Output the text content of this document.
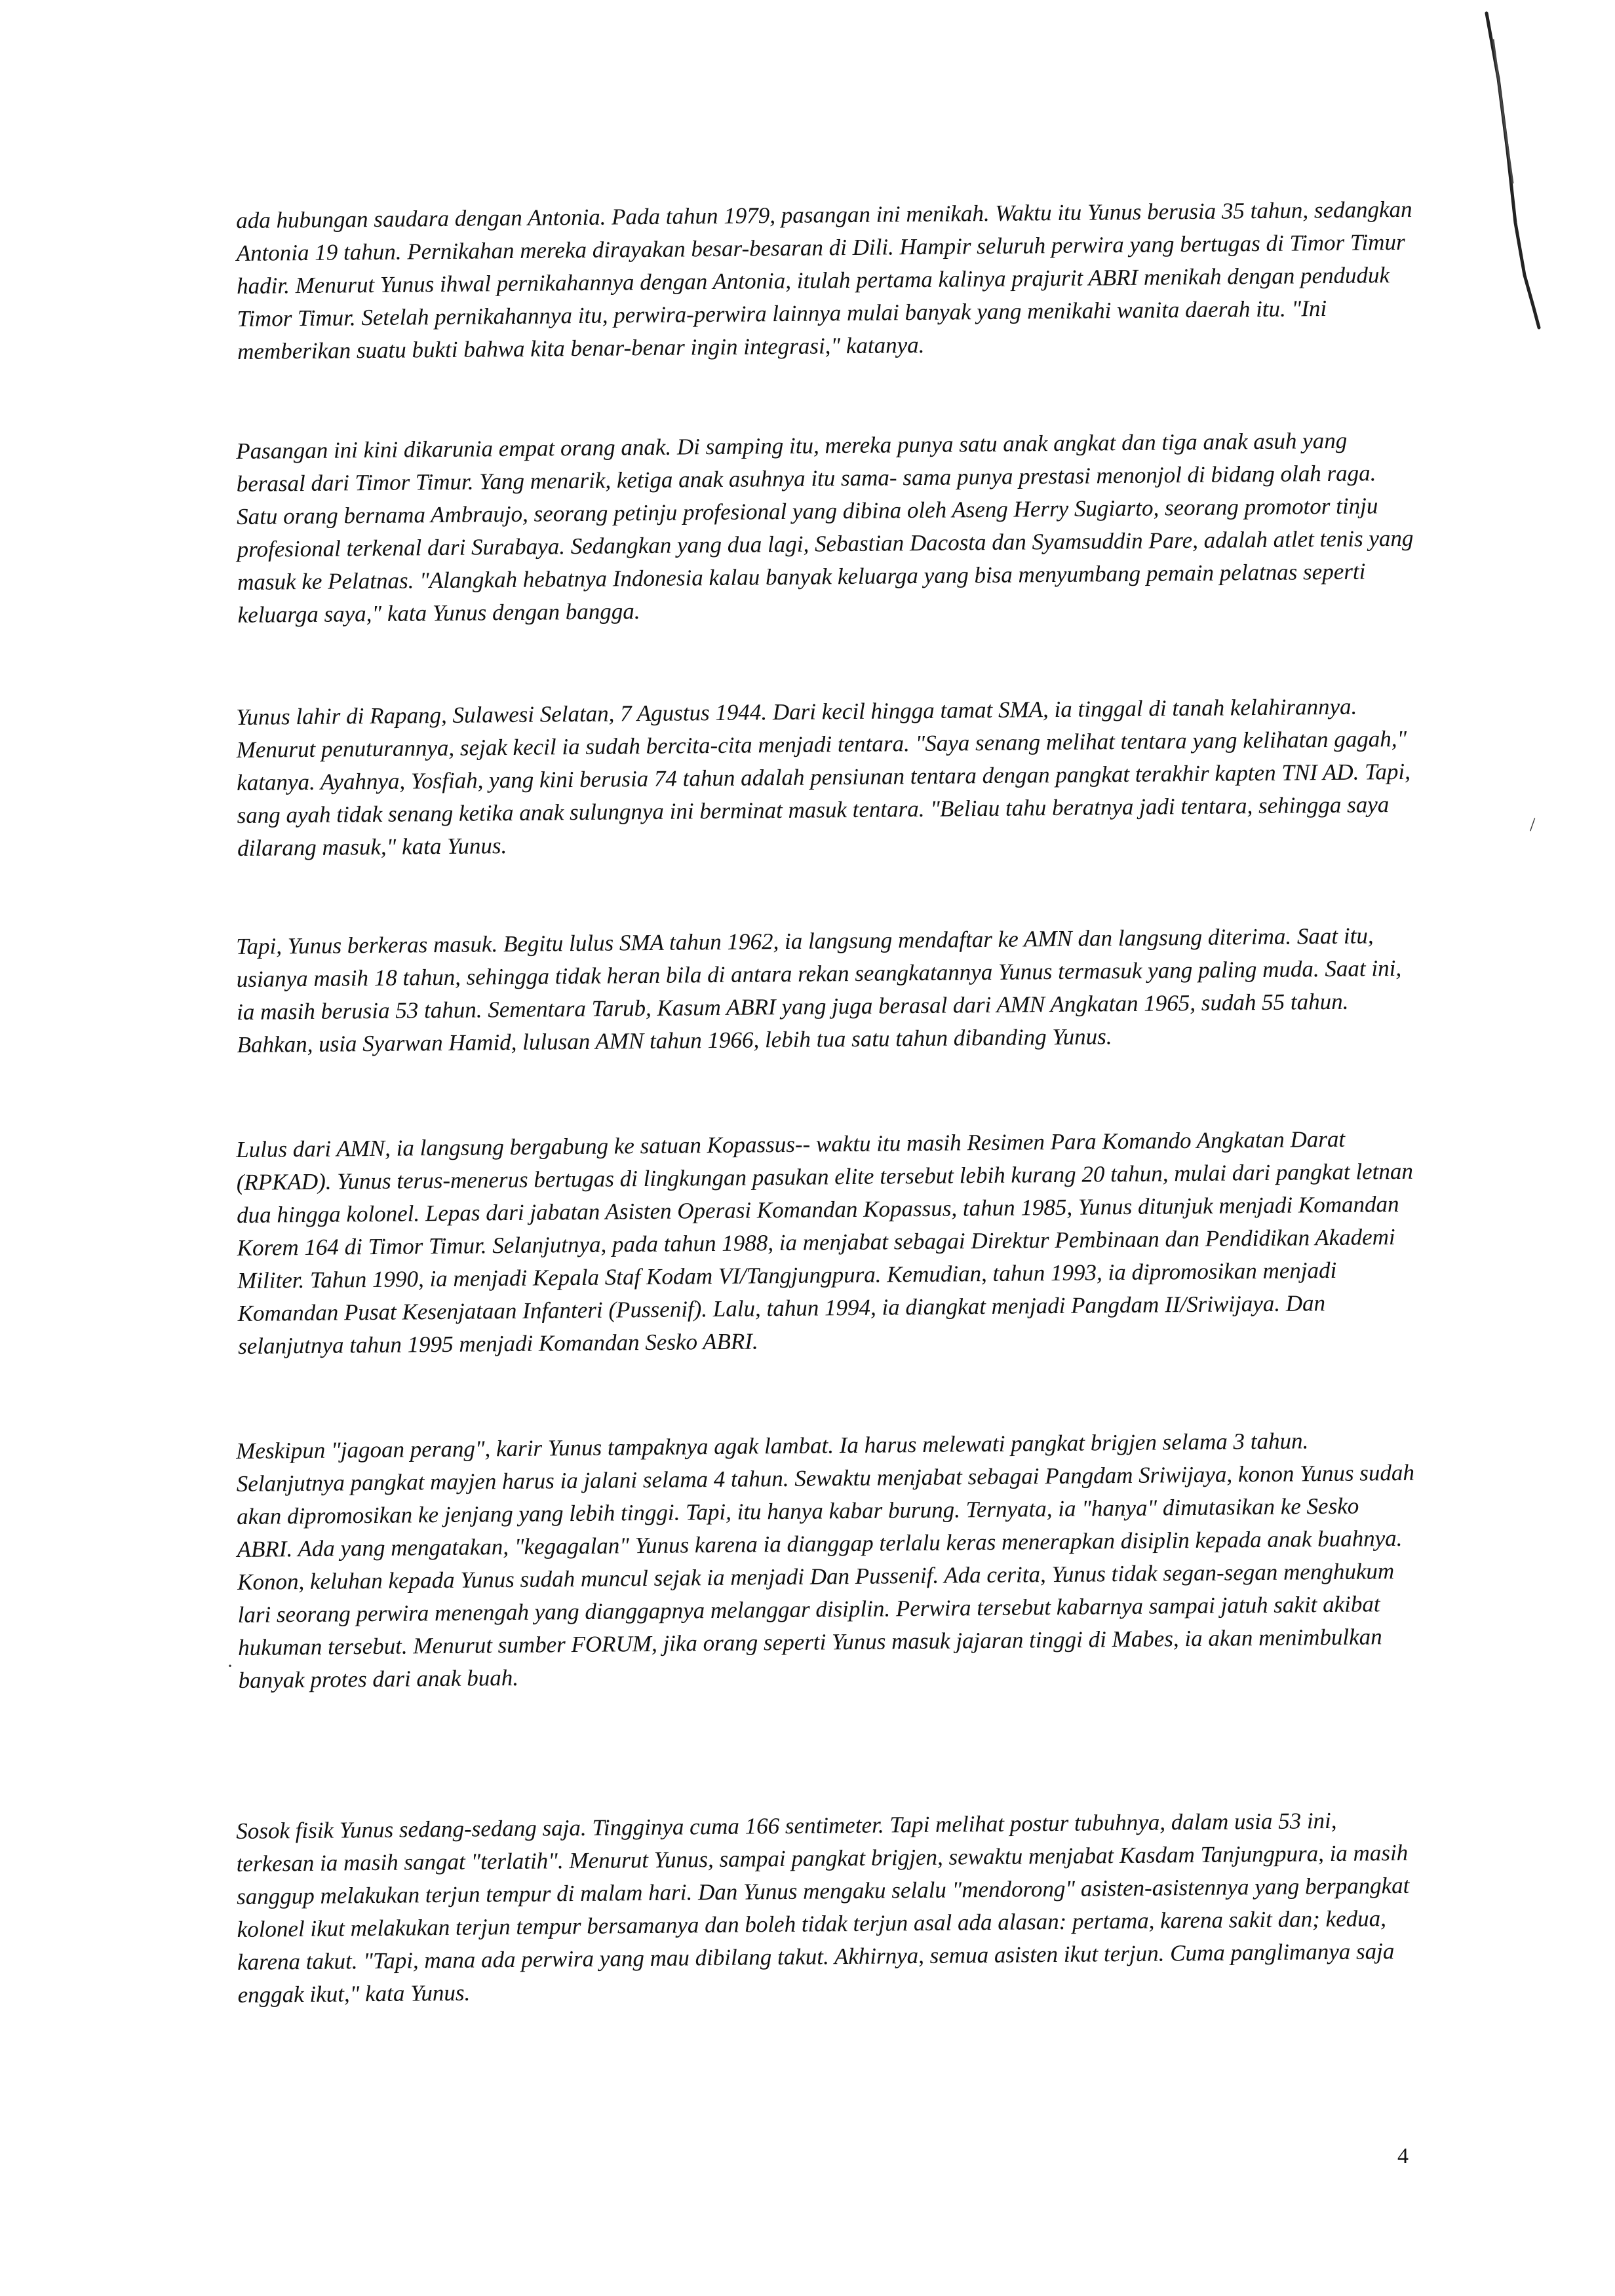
/
·

ada hubungan saudara dengan Antonia. Pada tahun 1979, pasangan ini menikah. Waktu itu Yunus berusia 35 tahun, sedangkan Antonia 19 tahun. Pernikahan mereka dirayakan besar-besaran di Dili. Hampir seluruh perwira yang bertugas di Timor Timur hadir. Menurut Yunus ihwal pernikahannya dengan Antonia, itulah pertama kalinya prajurit ABRI menikah dengan penduduk Timor Timur. Setelah pernikahannya itu, perwira-perwira lainnya mulai banyak yang menikahi wanita daerah itu. "Ini memberikan suatu bukti bahwa kita benar-benar ingin integrasi," katanya.

Pasangan ini kini dikarunia empat orang anak. Di samping itu, mereka punya satu anak angkat dan tiga anak asuh yang berasal dari Timor Timur. Yang menarik, ketiga anak asuhnya itu sama- sama punya prestasi menonjol di bidang olah raga. Satu orang bernama Ambraujo, seorang petinju profesional yang dibina oleh Aseng Herry Sugiarto, seorang promotor tinju profesional terkenal dari Surabaya. Sedangkan yang dua lagi, Sebastian Dacosta dan Syamsuddin Pare, adalah atlet tenis yang masuk ke Pelatnas. "Alangkah hebatnya Indonesia kalau banyak keluarga yang bisa menyumbang pemain pelatnas seperti keluarga saya," kata Yunus dengan bangga.

Yunus lahir di Rapang, Sulawesi Selatan, 7 Agustus 1944. Dari kecil hingga tamat SMA, ia tinggal di tanah kelahirannya. Menurut penuturannya, sejak kecil ia sudah bercita-cita menjadi tentara. "Saya senang melihat tentara yang kelihatan gagah," katanya. Ayahnya, Yosfiah, yang kini berusia 74 tahun adalah pensiunan tentara dengan pangkat terakhir kapten TNI AD. Tapi, sang ayah tidak senang ketika anak sulungnya ini berminat masuk tentara. "Beliau tahu beratnya jadi tentara, sehingga saya dilarang masuk," kata Yunus.

Tapi, Yunus berkeras masuk. Begitu lulus SMA tahun 1962, ia langsung mendaftar ke AMN dan langsung diterima. Saat itu, usianya masih 18 tahun, sehingga tidak heran bila di antara rekan seangkatannya Yunus termasuk yang paling muda. Saat ini, ia masih berusia 53 tahun. Sementara Tarub, Kasum ABRI yang juga berasal dari AMN Angkatan 1965, sudah 55 tahun. Bahkan, usia Syarwan Hamid, lulusan AMN tahun 1966, lebih tua satu tahun dibanding Yunus.

Lulus dari AMN, ia langsung bergabung ke satuan Kopassus-- waktu itu masih Resimen Para Komando Angkatan Darat (RPKAD). Yunus terus-menerus bertugas di lingkungan pasukan elite tersebut lebih kurang 20 tahun, mulai dari pangkat letnan dua hingga kolonel. Lepas dari jabatan Asisten Operasi Komandan Kopassus, tahun 1985, Yunus ditunjuk menjadi Komandan Korem 164 di Timor Timur. Selanjutnya, pada tahun 1988, ia menjabat sebagai Direktur Pembinaan dan Pendidikan Akademi Militer. Tahun 1990, ia menjadi Kepala Staf Kodam VI/Tangjungpura. Kemudian, tahun 1993, ia dipromosikan menjadi Komandan Pusat Kesenjataan Infanteri (Pussenif). Lalu, tahun 1994, ia diangkat menjadi Pangdam II/Sriwijaya. Dan selanjutnya tahun 1995 menjadi Komandan Sesko ABRI.

Meskipun "jagoan perang", karir Yunus tampaknya agak lambat. Ia harus melewati pangkat brigjen selama 3 tahun. Selanjutnya pangkat mayjen harus ia jalani selama 4 tahun. Sewaktu menjabat sebagai Pangdam Sriwijaya, konon Yunus sudah akan dipromosikan ke jenjang yang lebih tinggi. Tapi, itu hanya kabar burung. Ternyata, ia "hanya" dimutasikan ke Sesko ABRI. Ada yang mengatakan, "kegagalan" Yunus karena ia dianggap terlalu keras menerapkan disiplin kepada anak buahnya. Konon, keluhan kepada Yunus sudah muncul sejak ia menjadi Dan Pussenif. Ada cerita, Yunus tidak segan-segan menghukum lari seorang perwira menengah yang dianggapnya melanggar disiplin. Perwira tersebut kabarnya sampai jatuh sakit akibat hukuman tersebut. Menurut sumber FORUM, jika orang seperti Yunus masuk jajaran tinggi di Mabes, ia akan menimbulkan banyak protes dari anak buah.

Sosok fisik Yunus sedang-sedang saja. Tingginya cuma 166 sentimeter. Tapi melihat postur tubuhnya, dalam usia 53 ini, terkesan ia masih sangat "terlatih". Menurut Yunus, sampai pangkat brigjen, sewaktu menjabat Kasdam Tanjungpura, ia masih sanggup melakukan terjun tempur di malam hari. Dan Yunus mengaku selalu "mendorong" asisten-asistennya yang berpangkat kolonel ikut melakukan terjun tempur bersamanya dan boleh tidak terjun asal ada alasan: pertama, karena sakit dan; kedua, karena takut. "Tapi, mana ada perwira yang mau dibilang takut. Akhirnya, semua asisten ikut terjun. Cuma panglimanya saja enggak ikut," kata Yunus.

4
